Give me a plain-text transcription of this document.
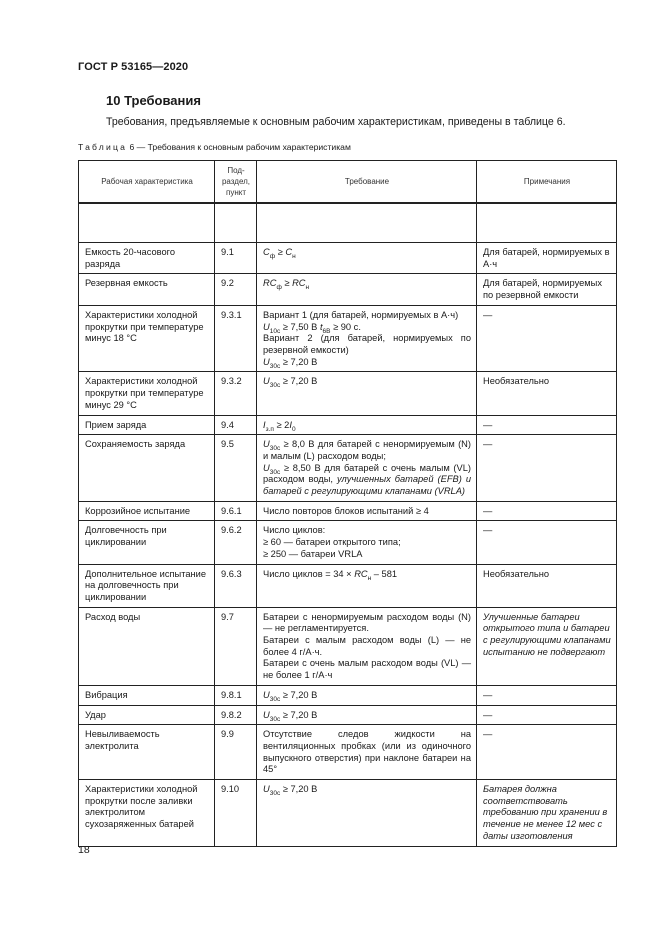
ГОСТ Р 53165—2020
10 Требования
Требования, предъявляемые к основным рабочим характеристикам, приведены в таблице 6.
Таблица 6 — Требования к основным рабочим характеристикам
Рабочая характеристика	Под-
раздел,
пункт	Требование	Примечания

Емкость 20-часового разряда	9.1	$C_ф \ge C_н$	Для батарей, нормируемых в А·ч
Резервная емкость	9.2	$RC_ф \ge RC_н$	Для батарей, нормируемых по резервной емкости
Характеристики холодной прокрутки при температуре минус 18 °С	9.3.1	Вариант 1 (для батарей, нормируемых в А·ч)

$U_{10с} \ge 7,50$ В $t_{6В} \ge 90$ с.

Вариант 2 (для батарей, нормируемых по резервной емкости)

$U_{30с} \ge 7,20$ В	—
Характеристики холодной прокрутки при температуре минус 29 °С	9.3.2	$U_{30с} \ge 7,20$ В	Необязательно
Прием заряда	9.4	$I_{з.п} \ge 2I_0$	—
Сохраняемость заряда	9.5	$U_{30с} \ge 8,0$ В для батарей с ненормируемым (N) и малым (L) расходом воды;

$U_{30с} \ge 8,50$ В для батарей с очень малым (VL) расходом воды, улучшенных батарей (EFB) и батарей с регулирующими клапанами (VRLA)	—
Коррозийное испытание	9.6.1	Число повторов блоков испытаний ≥ 4	—
Долговечность при циклировании	9.6.2	Число циклов:

≥ 60 — батареи открытого типа;

≥ 250 — батареи VRLA	—
Дополнительное испытание на долговечность при циклировании	9.6.3	Число циклов = $34 \times RC_н - 581$	Необязательно
Расход воды	9.7	Батареи с ненормируемым расходом воды (N) — не регламентируется.

Батареи с малым расходом воды (L) — не более 4 г/А·ч.

Батареи с очень малым расходом воды (VL) — не более 1 г/А·ч	Улучшенные батареи открытого типа и батареи с регулирующими клапанами испытанию не подвергают
Вибрация	9.8.1	$U_{30с} \ge 7,20$ В	—
Удар	9.8.2	$U_{30с} \ge 7,20$ В	—
Невыливаемость электролита	9.9	Отсутствие следов жидкости на вентиляционных пробках (или из одиночного выпускного отверстия) при наклоне батареи на 45°	—
Характеристики холодной прокрутки после заливки электролитом сухозаряженных батарей	9.10	$U_{30с} \ge 7,20$ В	Батарея должна соответствовать требованию при хранении в течение не менее 12 мес с даты изготовления
18
